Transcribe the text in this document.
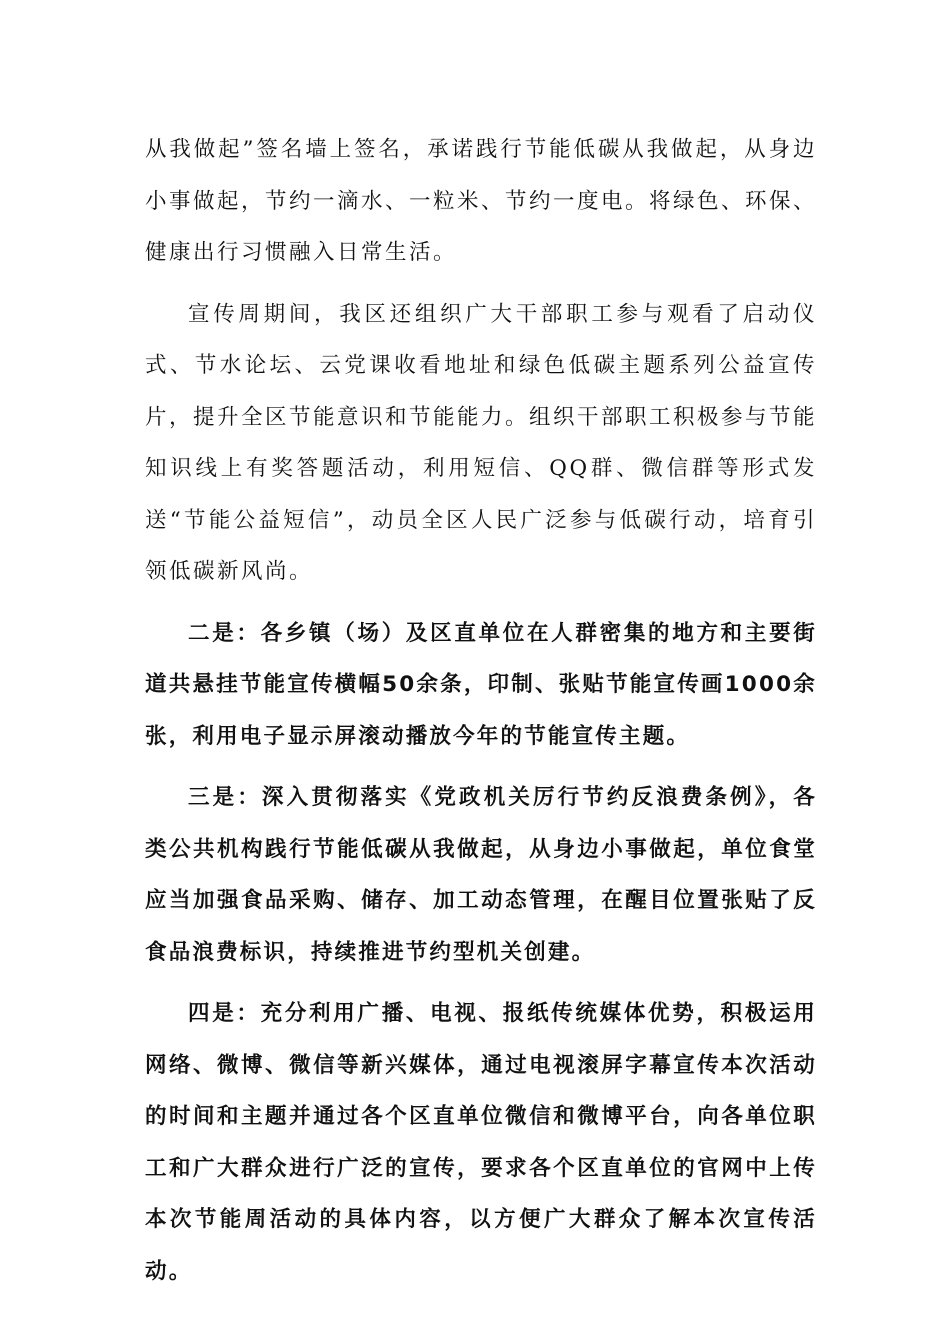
从我做起”签名墙上签名，承诺践行节能低碳从我做起，从身边小事做起，节约一滴水、一粒米、节约一度电。将绿色、环保、健康出行习惯融入日常生活。

宣传周期间，我区还组织广大干部职工参与观看了启动仪式、节水论坛、云党课收看地址和绿色低碳主题系列公益宣传片，提升全区节能意识和节能能力。组织干部职工积极参与节能知识线上有奖答题活动，利用短信、QQ群、微信群等形式发送“节能公益短信”，动员全区人民广泛参与低碳行动，培育引领低碳新风尚。

二是：各乡镇（场）及区直单位在人群密集的地方和主要街道共悬挂节能宣传横幅50余条，印制、张贴节能宣传画1000余张，利用电子显示屏滚动播放今年的节能宣传主题。

三是：深入贯彻落实《党政机关厉行节约反浪费条例》，各类公共机构践行节能低碳从我做起，从身边小事做起，单位食堂应当加强食品采购、储存、加工动态管理，在醒目位置张贴了反食品浪费标识，持续推进节约型机关创建。

四是：充分利用广播、电视、报纸传统媒体优势，积极运用网络、微博、微信等新兴媒体，通过电视滚屏字幕宣传本次活动的时间和主题并通过各个区直单位微信和微博平台，向各单位职工和广大群众进行广泛的宣传，要求各个区直单位的官网中上传本次节能周活动的具体内容，以方便广大群众了解本次宣传活动。
